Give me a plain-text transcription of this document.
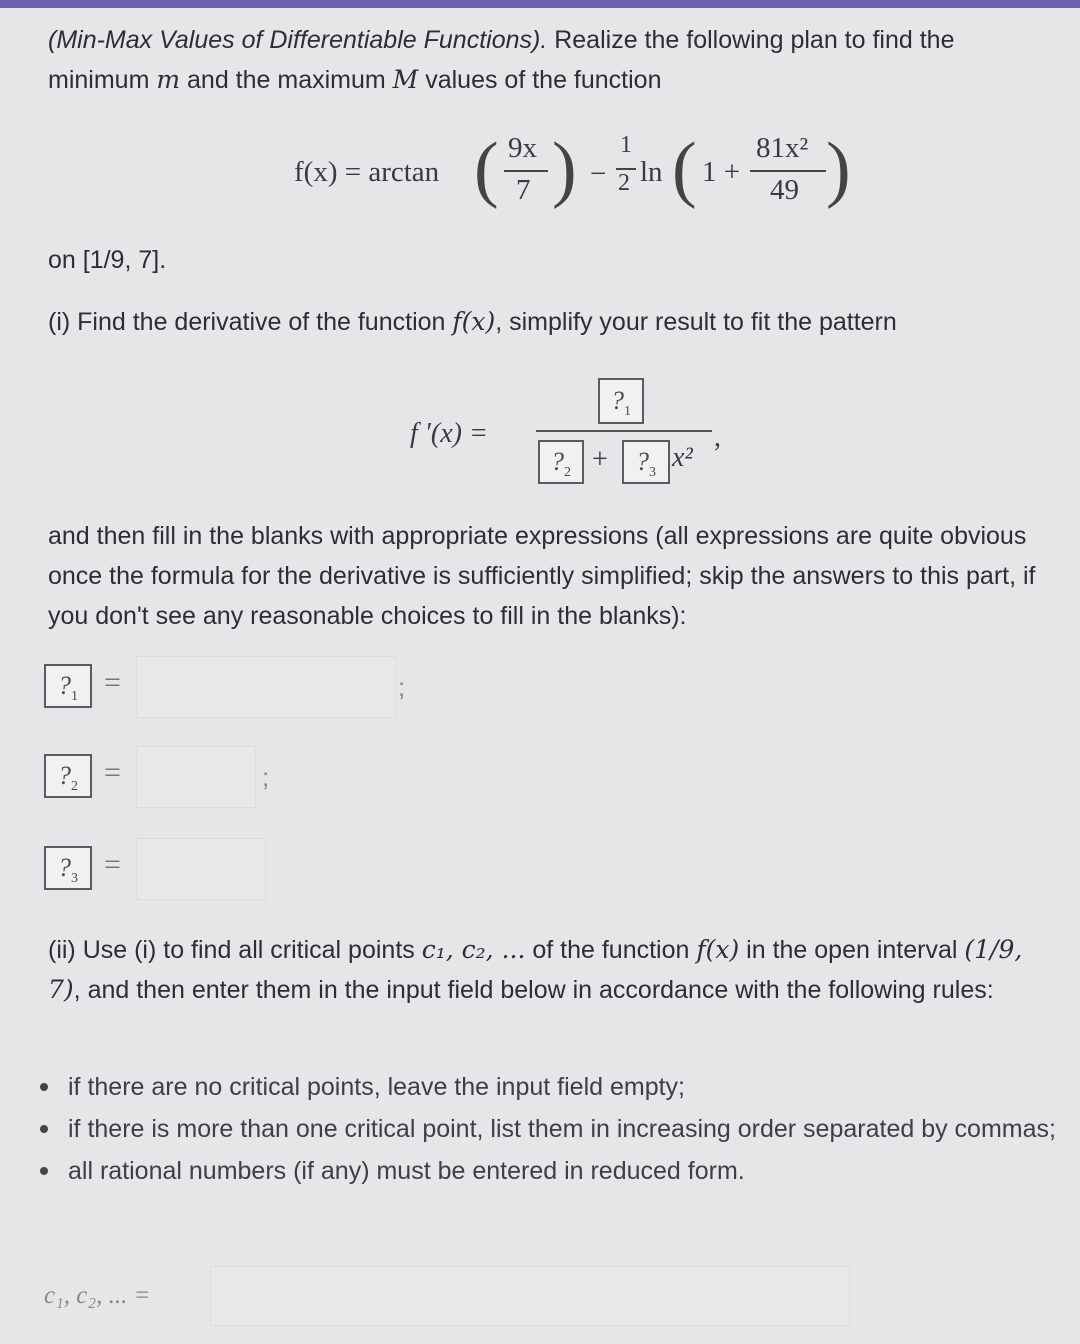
(Min-Max Values of Differentiable Functions). Realize the following plan to find the minimum m and the maximum M values of the function
f(x) = arctan ( 9x
7 ) −
1
2 ln ( 1 +
81x²
49 )
on [1/9, 7].
(i) Find the derivative of the function f(x), simplify your result to fit the pattern
f ′(x) =
$?_1$
$?_2$ +	$?_3$ x²
,
and then fill in the blanks with appropriate expressions (all expressions are quite obvious once the formula for the derivative is sufficiently simplified; skip the answers to this part, if you don't see any reasonable choices to fill in the blanks):
$?_1$ =	;
$?_2$ =	;
$?_3$ =
(ii) Use (i) to find all critical points c₁, c₂, ... of the function f(x) in the open interval (1/9, 7), and then enter them in the input field below in accordance with the following rules:
if there are no critical points, leave the input field empty;
if there is more than one critical point, list them in increasing order separated by commas;
all rational numbers (if any) must be entered in reduced form.
c₁, c₂, ... =
